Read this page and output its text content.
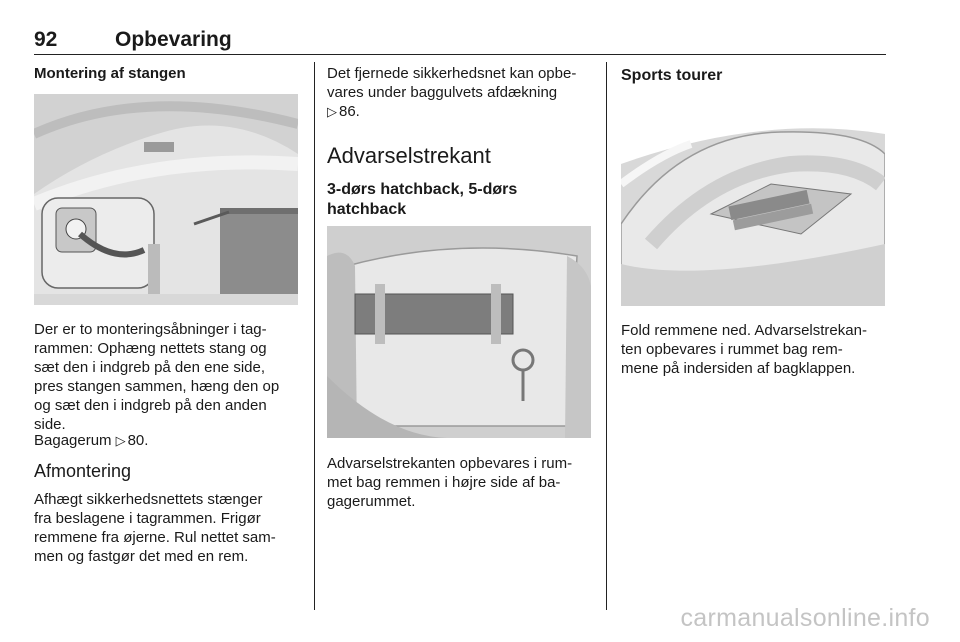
92	Opbevaring
Montering af stangen

Der er to monteringsåbninger i tag-

rammen: Ophæng nettets stang og

sæt den i indgreb på den ene side,

pres stangen sammen, hæng den op

og sæt den i indgreb på den anden

side.

Bagagerum ▷ 80.
Afmontering

Afhægt sikkerhedsnettets stænger

fra beslagene i tagrammen. Frigør

remmene fra øjerne. Rul nettet sam-

men og fastgør det med en rem.

Det fjernede sikkerhedsnet kan opbe-

vares under baggulvets afdækning

▷ 86.

Advarselstrekant
3-dørs hatchback, 5-dørs
hatchback

Advarselstrekanten opbevares i rum-

met bag remmen i højre side af ba-

gagerummet.

Sports tourer

Fold remmene ned. Advarselstrekan-

ten opbevares i rummet bag rem-

mene på indersiden af bagklappen.

carmanualsonline.info
